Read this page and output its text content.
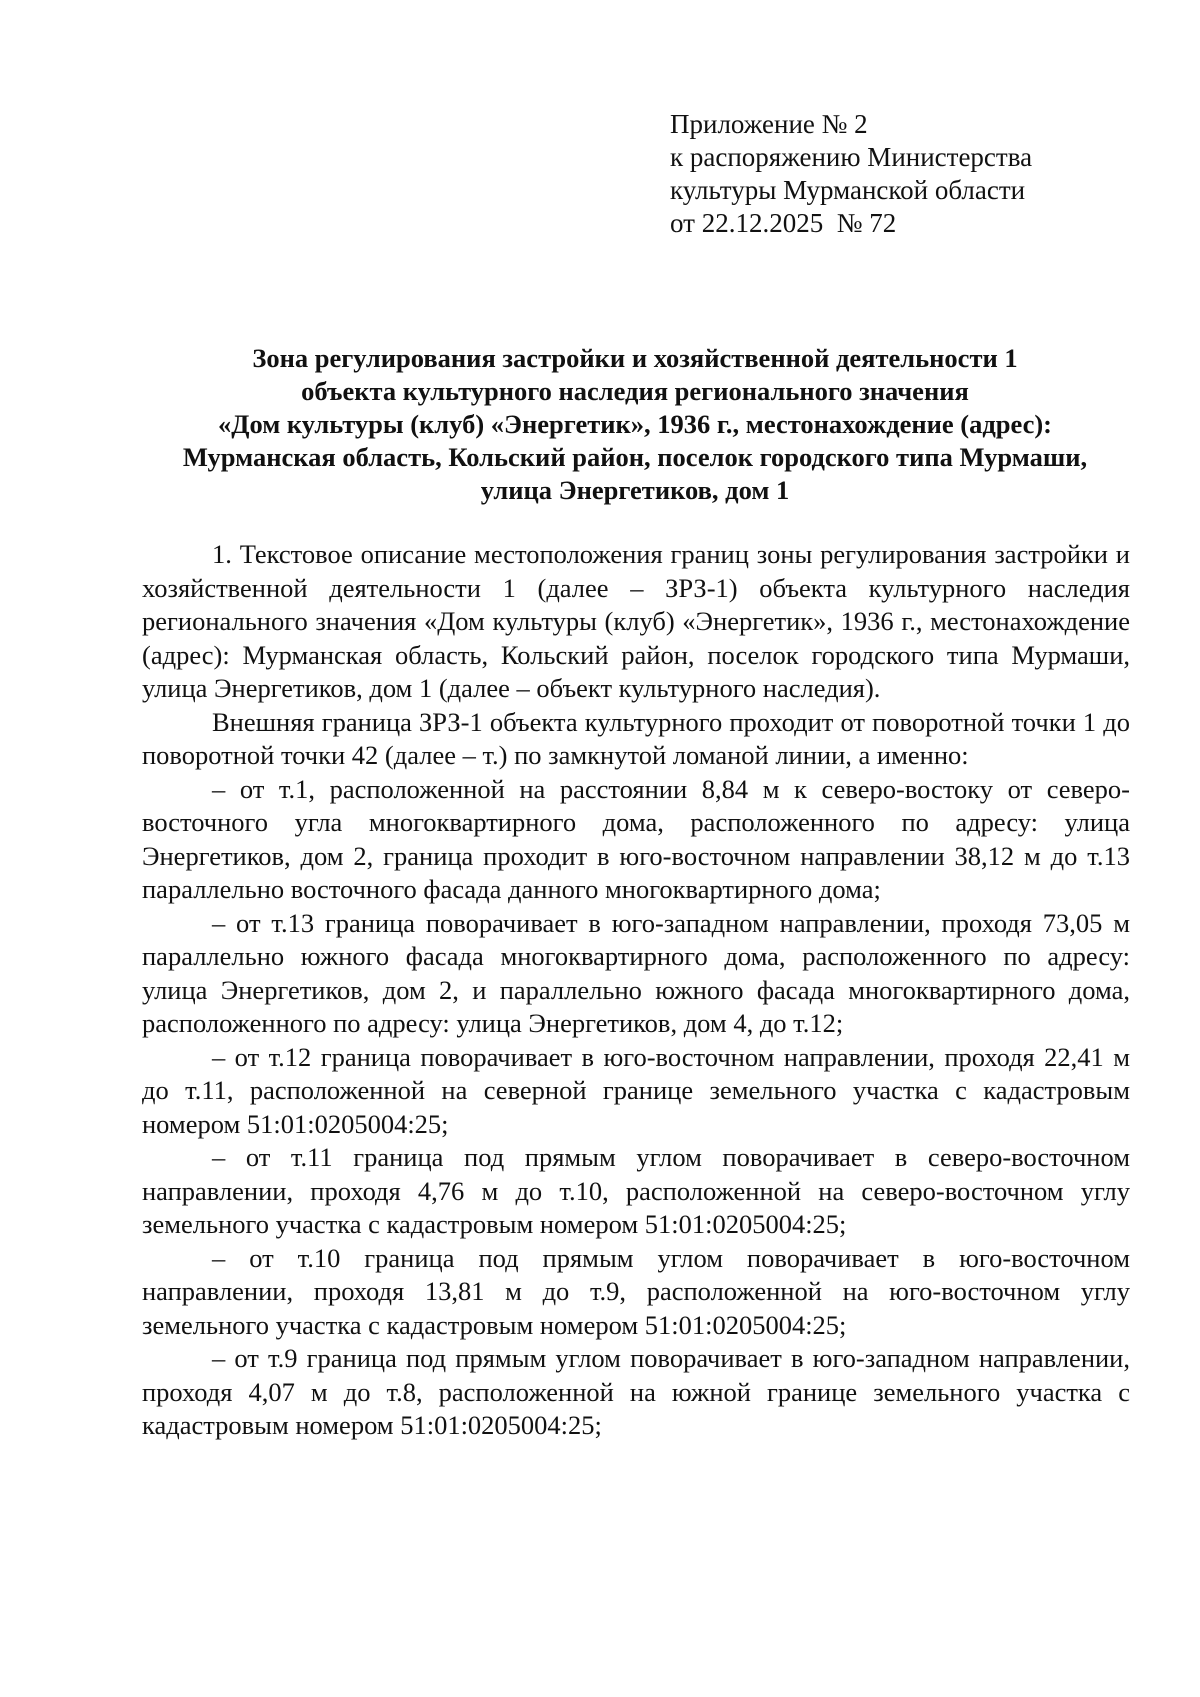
Приложение № 2
к распоряжению Министерства
культуры Мурманской области
от 22.12.2025  № 72
Зона регулирования застройки и хозяйственной деятельности 1
объекта культурного наследия регионального значения
«Дом культуры (клуб) «Энергетик», 1936 г., местонахождение (адрес):
Мурманская область, Кольский район, поселок городского типа Мурмаши,
улица Энергетиков, дом 1

1. Текстовое описание местоположения границ зоны регулирования застройки и хозяйственной деятельности 1 (далее – ЗРЗ-1) объекта культурного наследия регионального значения «Дом культуры (клуб) «Энергетик», 1936 г., местонахождение (адрес): Мурманская область, Кольский район, поселок городского типа Мурмаши, улица Энергетиков, дом 1 (далее – объект культурного наследия).

Внешняя граница ЗРЗ-1 объекта культурного проходит от поворотной точки 1 до поворотной точки 42 (далее – т.) по замкнутой ломаной линии, а именно:

– от т.1, расположенной на расстоянии 8,84 м к северо-востоку от северо-восточного угла многоквартирного дома, расположенного по адресу: улица Энергетиков, дом 2, граница проходит в юго-восточном направлении 38,12 м до т.13 параллельно восточного фасада данного многоквартирного дома;

– от т.13 граница поворачивает в юго-западном направлении, проходя 73,05 м параллельно южного фасада многоквартирного дома, расположенного по адресу: улица Энергетиков, дом 2, и параллельно южного фасада многоквартирного дома, расположенного по адресу: улица Энергетиков, дом 4, до т.12;

– от т.12 граница поворачивает в юго-восточном направлении, проходя 22,41 м до т.11, расположенной на северной границе земельного участка с кадастровым номером 51:01:0205004:25;

– от т.11 граница под прямым углом поворачивает в северо-восточном направлении, проходя 4,76 м до т.10, расположенной на северо-восточном углу земельного участка с кадастровым номером 51:01:0205004:25;

– от т.10 граница под прямым углом поворачивает в юго-восточном направлении, проходя 13,81 м до т.9, расположенной на юго-восточном углу земельного участка с кадастровым номером 51:01:0205004:25;

– от т.9 граница под прямым углом поворачивает в юго-западном направлении, проходя 4,07 м до т.8, расположенной на южной границе земельного участка с кадастровым номером 51:01:0205004:25;
